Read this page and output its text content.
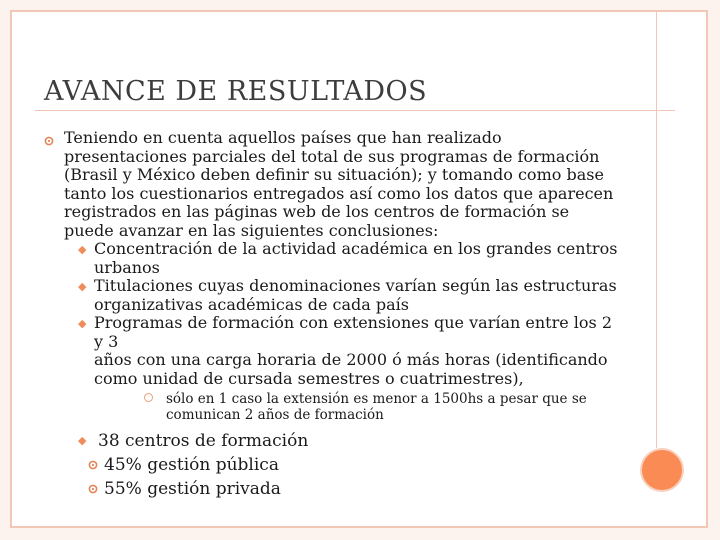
AVANCE DE RESULTADOS
Teniendo en cuenta aquellos países que han realizado
presentaciones parciales del total de sus programas de formación
(Brasil y México deben definir su situación); y tomando como base
tanto los cuestionarios entregados así como los datos que aparecen
registrados en las páginas web de los centros de formación se
puede avanzar en las siguientes conclusiones:
◆ Concentración de la actividad académica en los grandes centros
urbanos
◆ Titulaciones cuyas denominaciones varían según las estructuras
organizativas académicas de cada país
◆ Programas de formación con extensiones que varían entre los 2 y 3
años con una carga horaria de 2000 ó más horas (identificando
como unidad de cursada semestres o cuatrimestres),
sólo en 1 caso la extensión es menor a 1500hs a pesar que se
comunican 2 años de formación
◆ 38 centros de formación
45% gestión pública
55% gestión privada
